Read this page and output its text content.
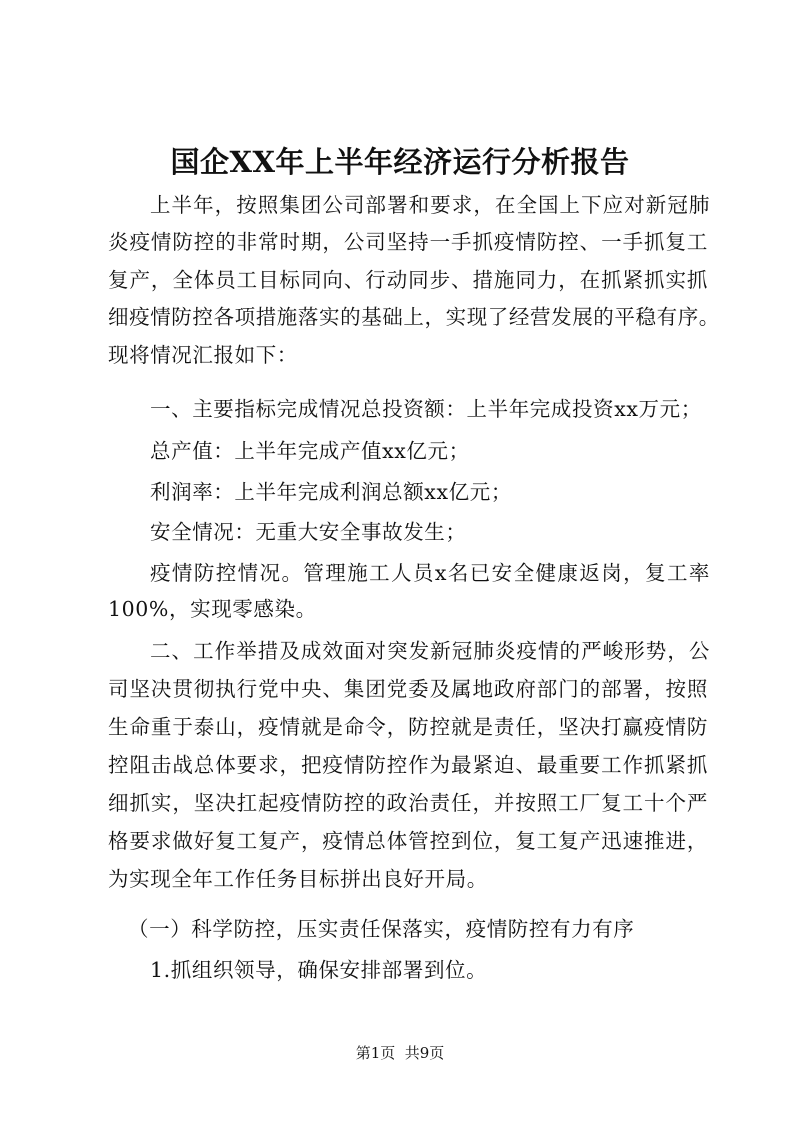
国企XX年上半年经济运行分析报告
上半年，按照集团公司部署和要求，在全国上下应对新冠肺
炎疫情防控的非常时期，公司坚持一手抓疫情防控、一手抓复工
复产，全体员工目标同向、行动同步、措施同力，在抓紧抓实抓
细疫情防控各项措施落实的基础上，实现了经营发展的平稳有序。
现将情况汇报如下：
一、主要指标完成情况总投资额：上半年完成投资xx万元；
总产值：上半年完成产值xx亿元；
利润率：上半年完成利润总额xx亿元；
安全情况：无重大安全事故发生；
疫情防控情况。管理施工人员x名已安全健康返岗，复工率
100%，实现零感染。
二、工作举措及成效面对突发新冠肺炎疫情的严峻形势，公
司坚决贯彻执行党中央、集团党委及属地政府部门的部署，按照
生命重于泰山，疫情就是命令，防控就是责任，坚决打赢疫情防
控阻击战总体要求，把疫情防控作为最紧迫、最重要工作抓紧抓
细抓实，坚决扛起疫情防控的政治责任，并按照工厂复工十个严
格要求做好复工复产，疫情总体管控到位，复工复产迅速推进，
为实现全年工作任务目标拼出良好开局。
（一）科学防控，压实责任保落实，疫情防控有力有序
1.抓组织领导，确保安排部署到位。
第1页  共9页
